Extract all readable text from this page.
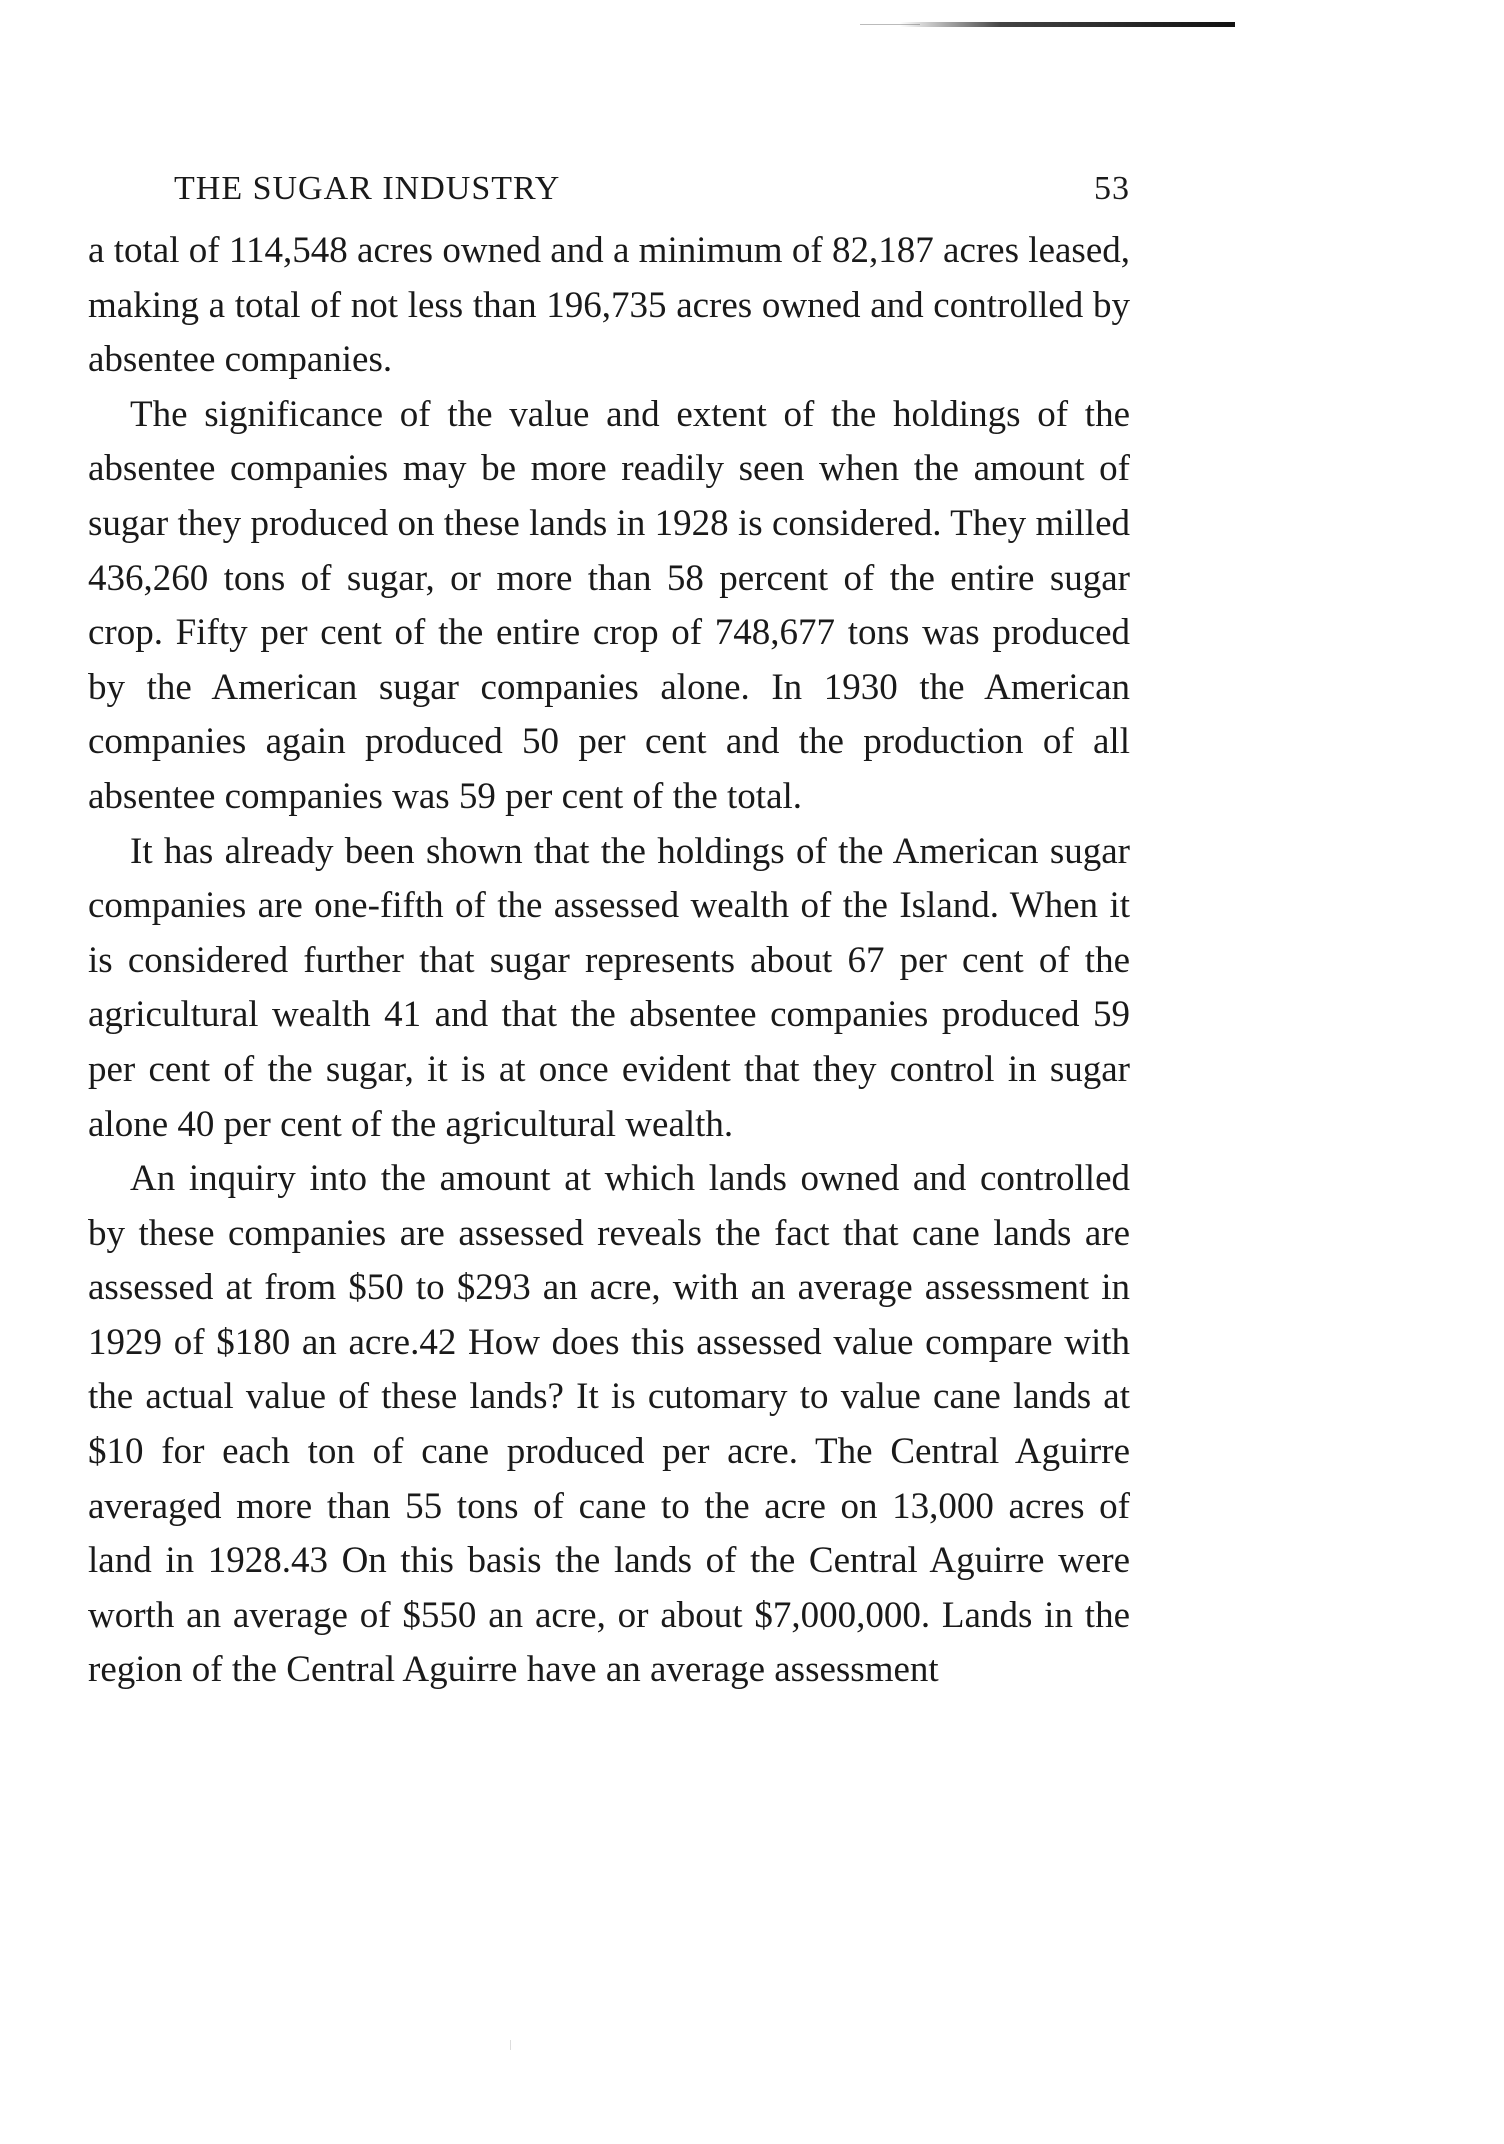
THE SUGAR INDUSTRY	53

a total of 114,548 acres owned and a minimum of 82,187 acres leased, making a total of not less than 196,735 acres owned and controlled by absentee companies.

The significance of the value and extent of the holdings of the absentee companies may be more readily seen when the amount of sugar they produced on these lands in 1928 is considered. They milled 436,260 tons of sugar, or more than 58 percent of the entire sugar crop. Fifty per cent of the entire crop of 748,677 tons was produced by the American sugar companies alone. In 1930 the American companies again produced 50 per cent and the production of all absentee companies was 59 per cent of the total.

It has already been shown that the holdings of the American sugar companies are one-fifth of the assessed wealth of the Island. When it is considered further that sugar represents about 67 per cent of the agricultural wealth 41 and that the absentee companies produced 59 per cent of the sugar, it is at once evident that they control in sugar alone 40 per cent of the agricultural wealth.

An inquiry into the amount at which lands owned and controlled by these companies are assessed reveals the fact that cane lands are assessed at from $50 to $293 an acre, with an average assessment in 1929 of $180 an acre.42 How does this assessed value compare with the actual value of these lands? It is cutomary to value cane lands at $10 for each ton of cane produced per acre. The Central Aguirre averaged more than 55 tons of cane to the acre on 13,000 acres of land in 1928.43 On this basis the lands of the Central Aguirre were worth an average of $550 an acre, or about $7,000,000. Lands in the region of the Central Aguirre have an average assessment
